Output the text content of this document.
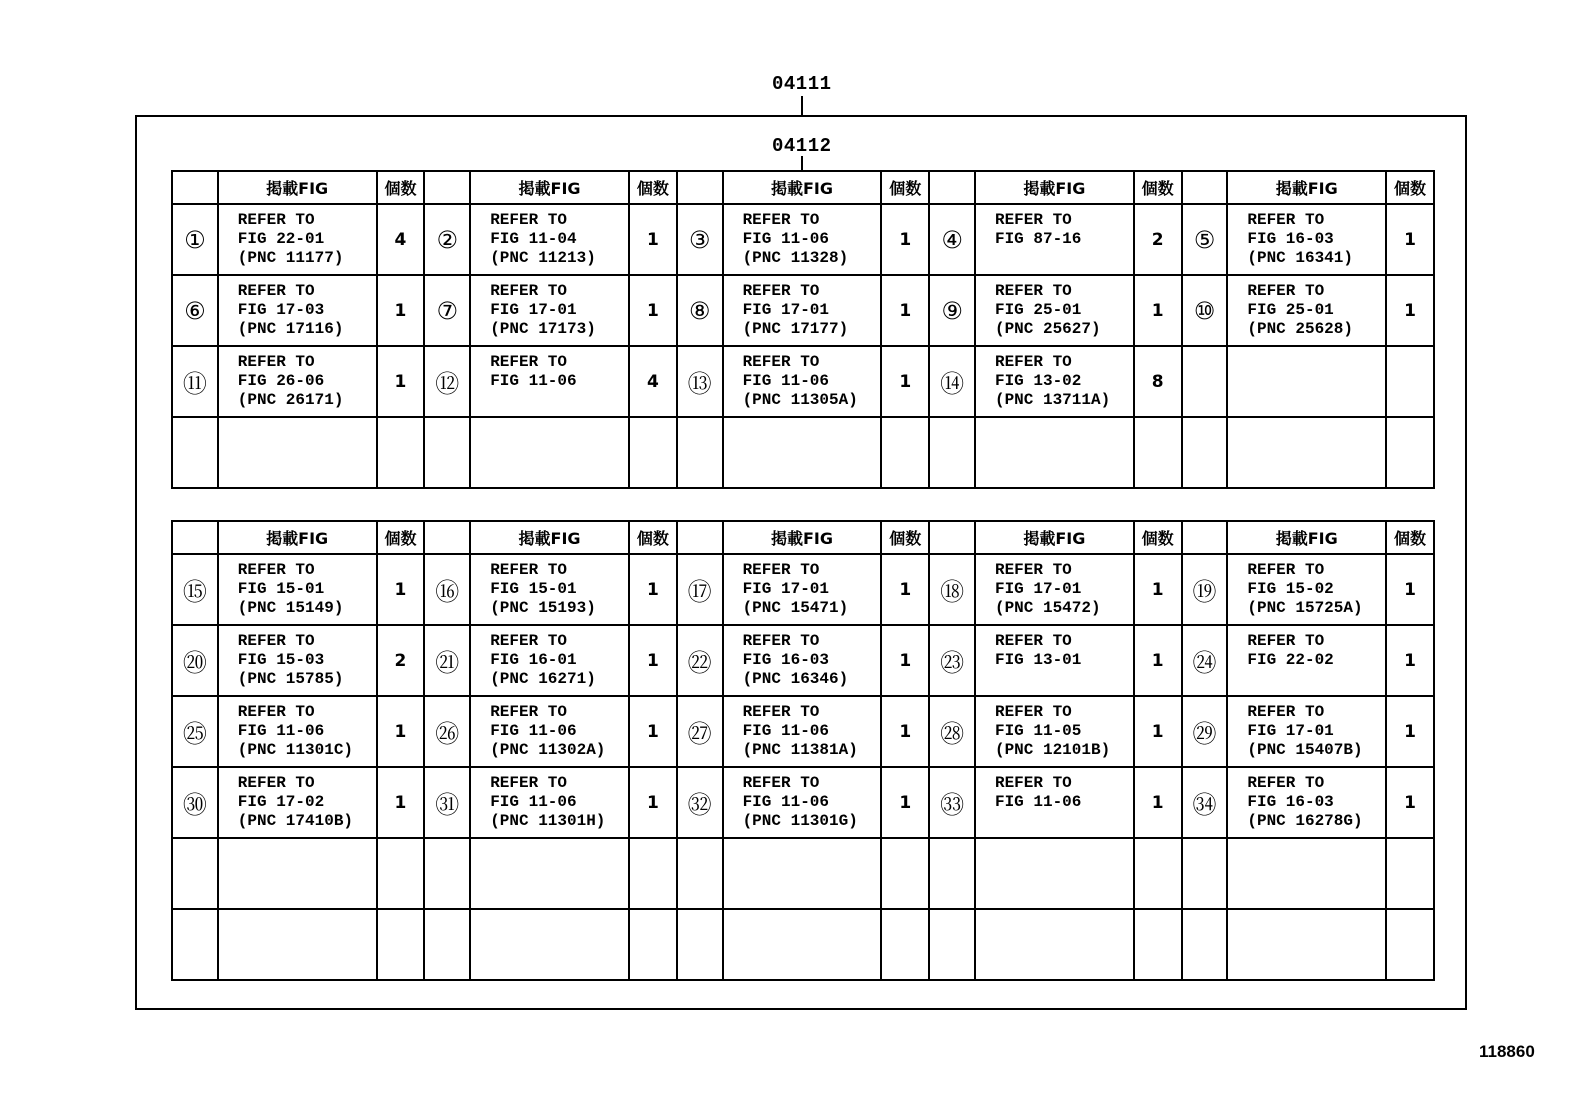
04111
04112
	掲載FIG	個数		掲載FIG	個数		掲載FIG	個数		掲載FIG	個数		掲載FIG	個数
①	REFER TO
FIG 22-01
(PNC 11177)	4	②	REFER TO
FIG 11-04
(PNC 11213)	1	③	REFER TO
FIG 11-06
(PNC 11328)	1	④	REFER TO
FIG 87-16	2	⑤	REFER TO
FIG 16-03
(PNC 16341)	1
⑥	REFER TO
FIG 17-03
(PNC 17116)	1	⑦	REFER TO
FIG 17-01
(PNC 17173)	1	⑧	REFER TO
FIG 17-01
(PNC 17177)	1	⑨	REFER TO
FIG 25-01
(PNC 25627)	1	⑩	REFER TO
FIG 25-01
(PNC 25628)	1
⑪	REFER TO
FIG 26-06
(PNC 26171)	1	⑫	REFER TO
FIG 11-06	4	⑬	REFER TO
FIG 11-06
(PNC 11305A)	1	⑭	REFER TO
FIG 13-02
(PNC 13711A)	8		

	掲載FIG	個数		掲載FIG	個数		掲載FIG	個数		掲載FIG	個数		掲載FIG	個数
⑮	REFER TO
FIG 15-01
(PNC 15149)	1	⑯	REFER TO
FIG 15-01
(PNC 15193)	1	⑰	REFER TO
FIG 17-01
(PNC 15471)	1	⑱	REFER TO
FIG 17-01
(PNC 15472)	1	⑲	REFER TO
FIG 15-02
(PNC 15725A)	1
⑳	REFER TO
FIG 15-03
(PNC 15785)	2	㉑	REFER TO
FIG 16-01
(PNC 16271)	1	㉒	REFER TO
FIG 16-03
(PNC 16346)	1	㉓	REFER TO
FIG 13-01	1	㉔	REFER TO
FIG 22-02	1
㉕	REFER TO
FIG 11-06
(PNC 11301C)	1	㉖	REFER TO
FIG 11-06
(PNC 11302A)	1	㉗	REFER TO
FIG 11-06
(PNC 11381A)	1	㉘	REFER TO
FIG 11-05
(PNC 12101B)	1	㉙	REFER TO
FIG 17-01
(PNC 15407B)	1
㉚	REFER TO
FIG 17-02
(PNC 17410B)	1	㉛	REFER TO
FIG 11-06
(PNC 11301H)	1	㉜	REFER TO
FIG 11-06
(PNC 11301G)	1	㉝	REFER TO
FIG 11-06	1	㉞	REFER TO
FIG 16-03
(PNC 16278G)	1

118860
